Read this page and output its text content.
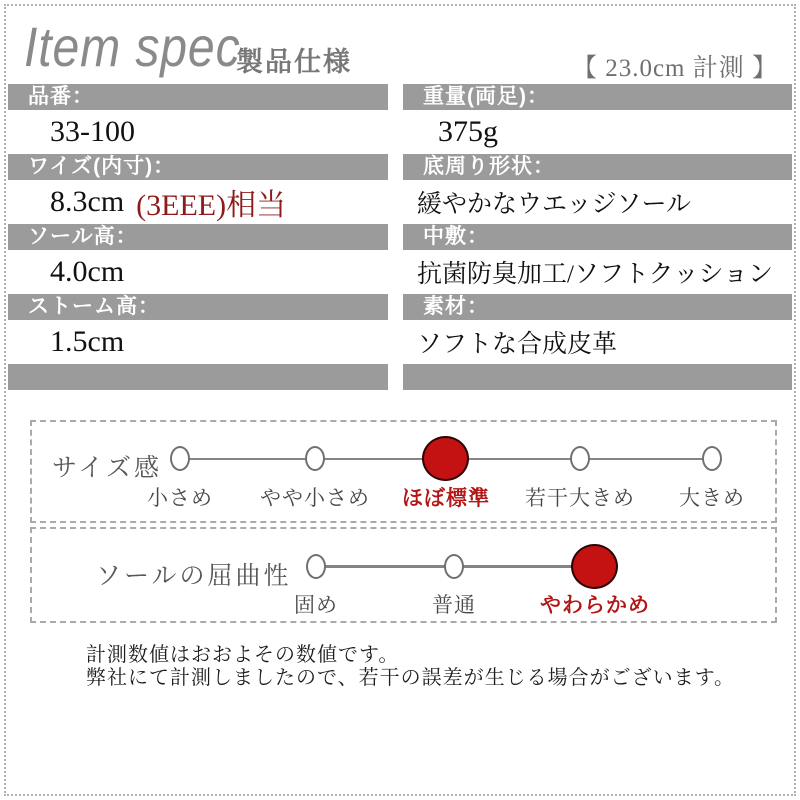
Item spec
製品仕様	【 23.0cm 計測 】
品番：
33-100
ワイズ(内寸)：
8.3cm (3EEE)相当
ソール高：
4.0cm
ストーム高：
1.5cm
重量(両足)：
375g
底周り形状：
緩やかなウエッジソール
中敷：
抗菌防臭加工/ソフトクッション
素材：
ソフトな合成皮革
サイズ感
小さめ やや小さめ ほぼ標準 若干大きめ 大きめ
ソールの屈曲性
固め	普通	やわらかめ
計測数値はおおよその数値です。
弊社にて計測しましたので、若干の誤差が生じる場合がございます。
